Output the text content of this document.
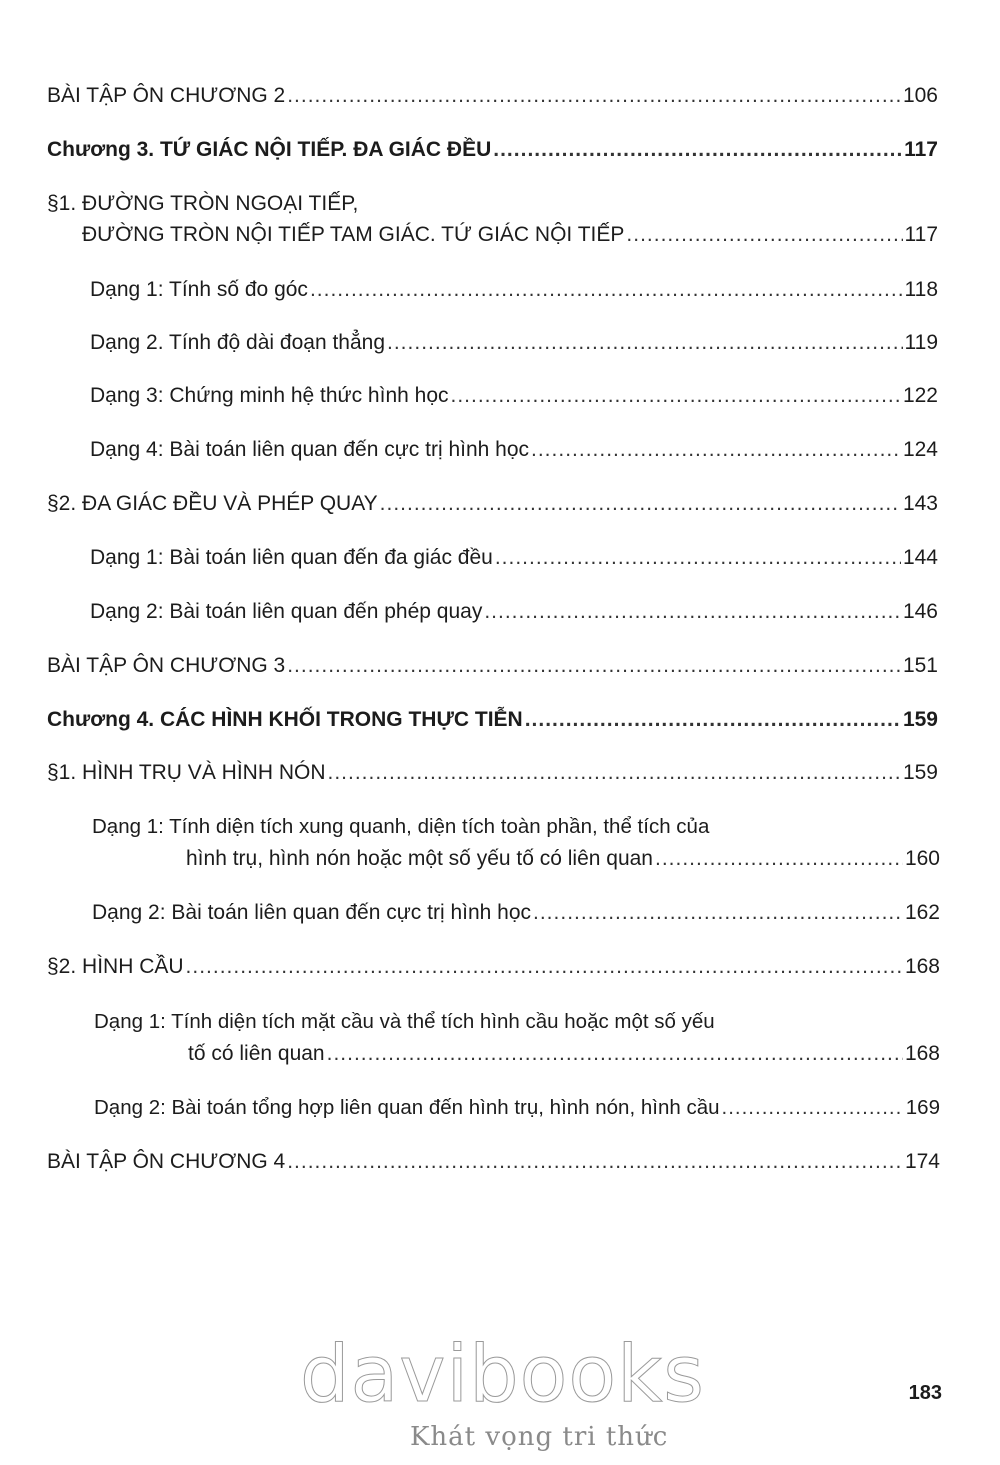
BÀI TẬP ÔN CHƯƠNG 2 .....	106
Chương 3. TỨ GIÁC NỘI TIẾP. ĐA GIÁC ĐỀU .....	117
§1. ĐƯỜNG TRÒN NGOẠI TIẾP,
ĐƯỜNG TRÒN NỘI TIẾP TAM GIÁC. TỨ GIÁC NỘI TIẾP .....	117
Dạng 1: Tính số đo góc .....	118
Dạng 2. Tính độ dài đoạn thẳng .....	119
Dạng 3: Chứng minh hệ thức hình học .....	122
Dạng 4: Bài toán liên quan đến cực trị hình học .....	124
§2. ĐA GIÁC ĐỀU VÀ PHÉP QUAY .....	143
Dạng 1: Bài toán liên quan đến đa giác đều .....	144
Dạng 2: Bài toán liên quan đến phép quay .....	146
BÀI TẬP ÔN CHƯƠNG 3 .....	151
Chương 4. CÁC HÌNH KHỐI TRONG THỰC TIỄN .....	159
§1. HÌNH TRỤ VÀ HÌNH NÓN .....	159
Dạng 1: Tính diện tích xung quanh, diện tích toàn phần, thể tích của
hình trụ, hình nón hoặc một số yếu tố có liên quan .....	160
Dạng 2: Bài toán liên quan đến cực trị hình học .....	162
§2. HÌNH CẦU .....	168
Dạng 1: Tính diện tích mặt cầu và thể tích hình cầu hoặc một số yếu
tố có liên quan .....	168
Dạng 2: Bài toán tổng hợp liên quan đến hình trụ, hình nón, hình cầu .....	169
BÀI TẬP ÔN CHƯƠNG 4 .....	174
davibooks
Khát vọng tri thức
183
